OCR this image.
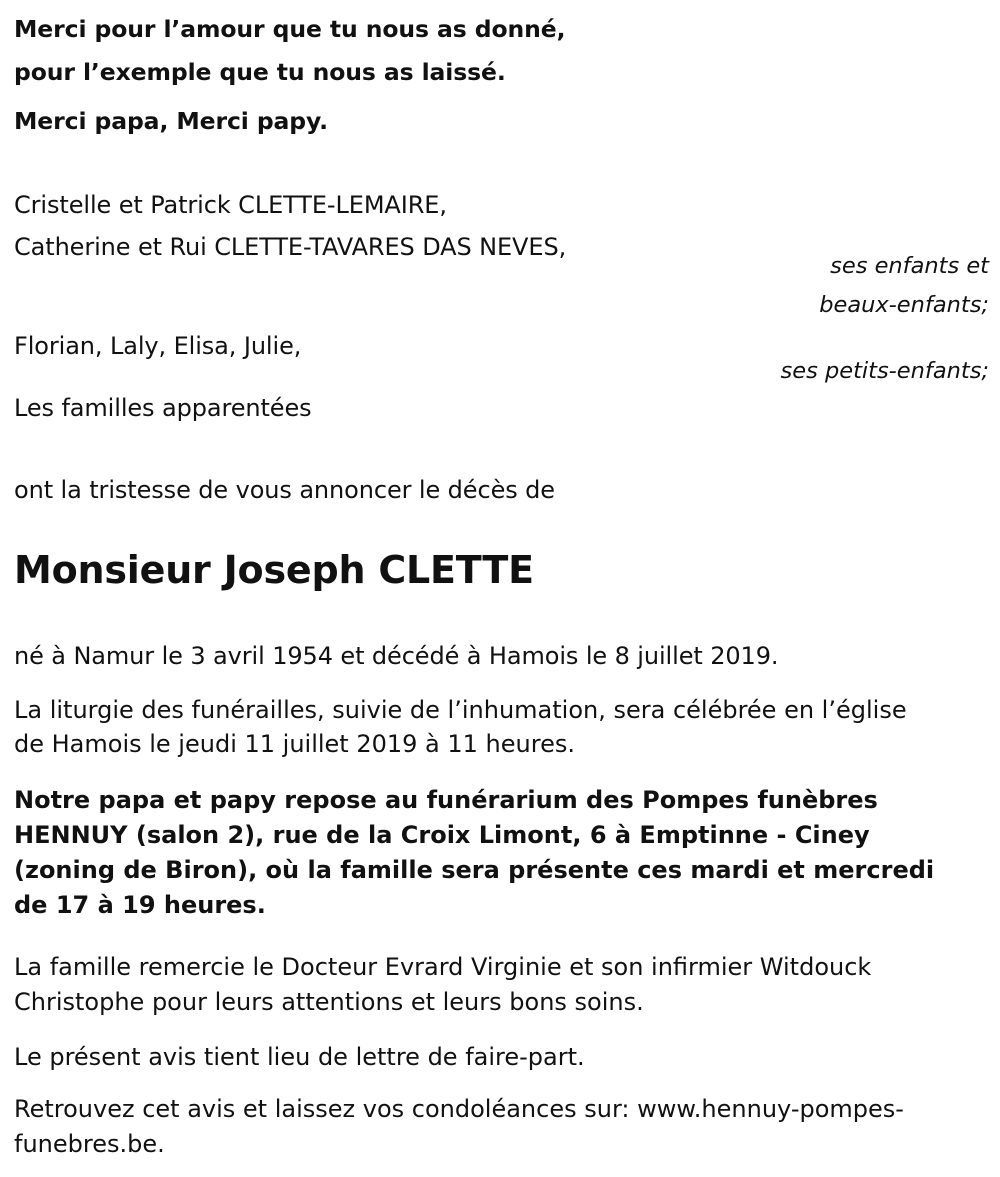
Merci pour l’amour que tu nous as donné,
pour l’exemple que tu nous as laissé.
Merci papa, Merci papy.
Cristelle et Patrick CLETTE-LEMAIRE,
Catherine et Rui CLETTE-TAVARES DAS NEVES,
ses enfants et
beaux-enfants;
Florian, Laly, Elisa, Julie,
ses petits-enfants;
Les familles apparentées
ont la tristesse de vous annoncer le décès de
Monsieur Joseph CLETTE
né à Namur le 3 avril 1954 et décédé à Hamois le 8 juillet 2019.
La liturgie des funérailles, suivie de l’inhumation, sera célébrée en l’église
de Hamois le jeudi 11 juillet 2019 à 11 heures.
Notre papa et papy repose au funérarium des Pompes funèbres
HENNUY (salon 2), rue de la Croix Limont, 6 à Emptinne - Ciney
(zoning de Biron), où la famille sera présente ces mardi et mercredi
de 17 à 19 heures.
La famille remercie le Docteur Evrard Virginie et son infirmier Witdouck
Christophe pour leurs attentions et leurs bons soins.
Le présent avis tient lieu de lettre de faire-part.
Retrouvez cet avis et laissez vos condoléances sur: www.hennuy-pompes-
funebres.be.
